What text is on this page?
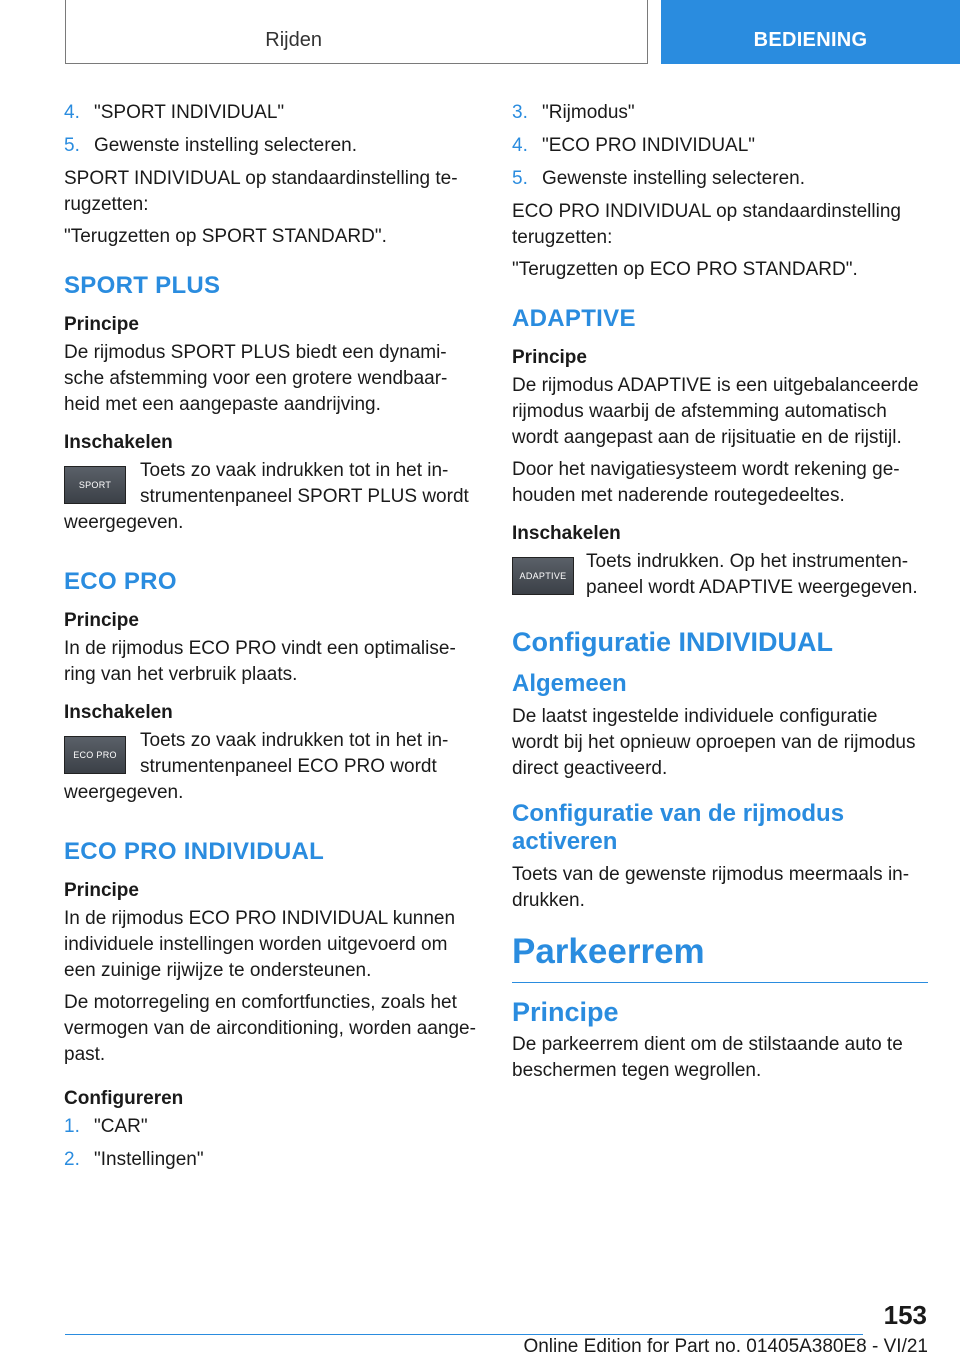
Rijden	BEDIENING
4. "SPORT INDIVIDUAL"
5. Gewenste instelling selecteren.

SPORT INDIVIDUAL op standaardinstelling te-rugzetten:

"Terugzetten op SPORT STANDARD".

SPORT PLUS
Principe

De rijmodus SPORT PLUS biedt een dynami-sche afstemming voor een grotere wendbaar-heid met een aangepaste aandrijving.

Inschakelen
SPORT

Toets zo vaak indrukken tot in het in-strumentenpaneel SPORT PLUS wordt weergegeven.

ECO PRO
Principe

In de rijmodus ECO PRO vindt een optimalise-ring van het verbruik plaats.

Inschakelen
ECO PRO

Toets zo vaak indrukken tot in het in-strumentenpaneel ECO PRO wordt weergegeven.

ECO PRO INDIVIDUAL
Principe

In de rijmodus ECO PRO INDIVIDUAL kunnen individuele instellingen worden uitgevoerd om een zuinige rijwijze te ondersteunen.

De motorregeling en comfortfuncties, zoals het vermogen van de airconditioning, worden aange-past.

Configureren
1. "CAR"
2. "Instellingen"
3. "Rijmodus"
4. "ECO PRO INDIVIDUAL"
5. Gewenste instelling selecteren.

ECO PRO INDIVIDUAL op standaardinstelling terugzetten:

"Terugzetten op ECO PRO STANDARD".

ADAPTIVE
Principe

De rijmodus ADAPTIVE is een uitgebalanceerde rijmodus waarbij de afstemming automatisch wordt aangepast aan de rijsituatie en de rijstijl.

Door het navigatiesysteem wordt rekening ge-houden met naderende routegedeeltes.

Inschakelen
ADAPTIVE

Toets indrukken. Op het instrumenten-paneel wordt ADAPTIVE weergegeven.

Configuratie INDIVIDUAL
Algemeen

De laatst ingestelde individuele configuratie wordt bij het opnieuw oproepen van de rijmodus direct geactiveerd.

Configuratie van de rijmodus activeren

Toets van de gewenste rijmodus meermaals in-drukken.

Parkeerrem
Principe

De parkeerrem dient om de stilstaande auto te beschermen tegen wegrollen.

153
Online Edition for Part no. 01405A380E8 - VI/21
